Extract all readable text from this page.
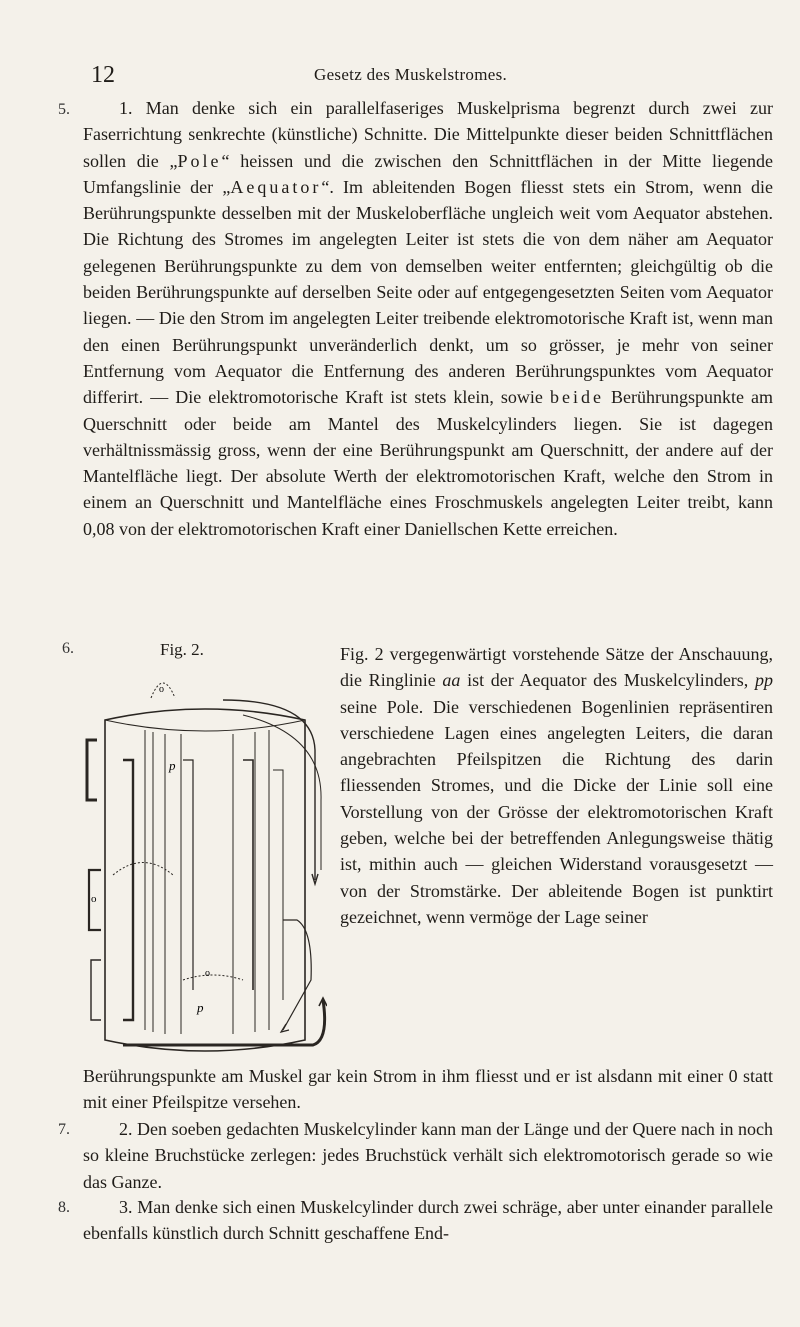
12	Gesetz des Muskelstromes.
5.
6.
7.
8.
1. Man denke sich ein parallelfaseriges Muskelprisma begrenzt durch zwei zur Faserrichtung senkrechte (künstliche) Schnitte. Die Mittelpunkte dieser beiden Schnittflächen sollen die „Pole“ heissen und die zwischen den Schnittflächen in der Mitte liegende Umfangslinie der „Aequator“. Im ableitenden Bogen fliesst stets ein Strom, wenn die Berührungspunkte desselben mit der Muskeloberfläche ungleich weit vom Aequator abstehen. Die Richtung des Stromes im angelegten Leiter ist stets die von dem näher am Aequator gelegenen Berührungspunkte zu dem von demselben weiter entfernten; gleichgültig ob die beiden Berührungspunkte auf derselben Seite oder auf entgegengesetzten Seiten vom Aequator liegen. — Die den Strom im angelegten Leiter treibende elektromotorische Kraft ist, wenn man den einen Berührungspunkt unveränderlich denkt, um so grösser, je mehr von seiner Entfernung vom Aequator die Entfernung des anderen Berührungspunktes vom Aequator differirt. — Die elektromotorische Kraft ist stets klein, sowie beide Berührungspunkte am Querschnitt oder beide am Mantel des Muskelcylinders liegen. Sie ist dagegen verhältnissmässig gross, wenn der eine Berührungspunkt am Querschnitt, der andere auf der Mantelfläche liegt. Der absolute Werth der elektromotorischen Kraft, welche den Strom in einem an Querschnitt und Mantelfläche eines Froschmuskels angelegten Leiter treibt, kann 0,08 von der elektromotorischen Kraft einer Daniellschen Kette erreichen.
Fig. 2.
o
p
o
o
p
Fig. 2 vergegenwärtigt vorstehende Sätze der Anschauung, die Ringlinie aa ist der Aequator des Muskelcylinders, pp seine Pole. Die verschiedenen Bogenlinien repräsentiren verschiedene Lagen eines angelegten Leiters, die daran angebrachten Pfeilspitzen die Richtung des darin fliessenden Stromes, und die Dicke der Linie soll eine Vorstellung von der Grösse der elektromotorischen Kraft geben, welche bei der betreffenden Anlegungsweise thätig ist, mithin auch — gleichen Widerstand vorausgesetzt — von der Stromstärke. Der ableitende Bogen ist punktirt gezeichnet, wenn vermöge der Lage seiner
Berührungspunkte am Muskel gar kein Strom in ihm fliesst und er ist alsdann mit einer 0 statt mit einer Pfeilspitze versehen.
2. Den soeben gedachten Muskelcylinder kann man der Länge und der Quere nach in noch so kleine Bruchstücke zerlegen: jedes Bruchstück verhält sich elektromotorisch gerade so wie das Ganze.
3. Man denke sich einen Muskelcylinder durch zwei schräge, aber unter einander parallele ebenfalls künstlich durch Schnitt geschaffene End-
